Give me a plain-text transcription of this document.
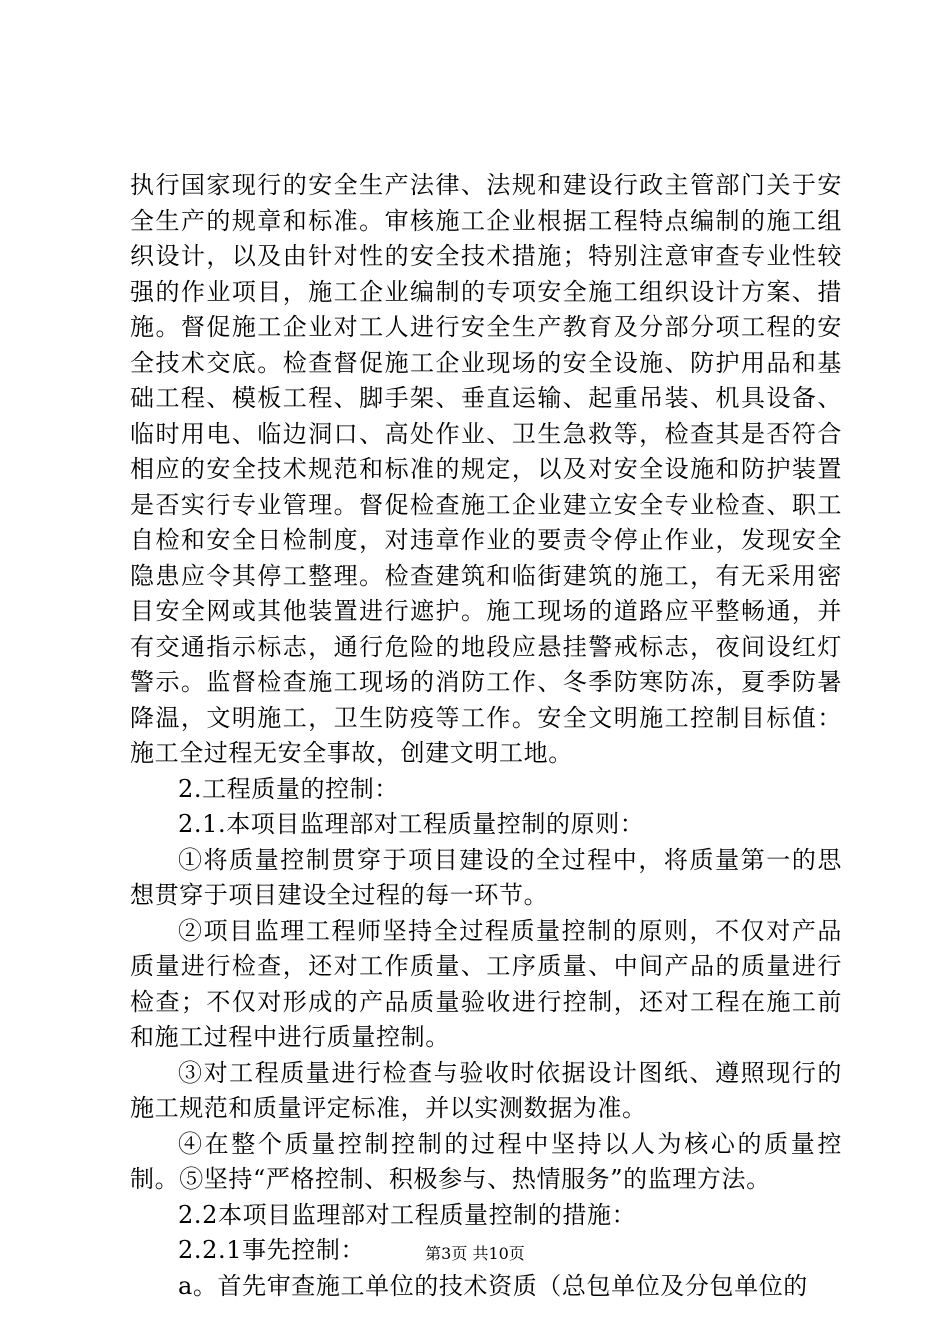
执行国家现行的安全生产法律、法规和建设行政主管部门关于安全生产的规章和标准。审核施工企业根据工程特点编制的施工组织设计，以及由针对性的安全技术措施；特别注意审查专业性较强的作业项目，施工企业编制的专项安全施工组织设计方案、措施。督促施工企业对工人进行安全生产教育及分部分项工程的安全技术交底。检查督促施工企业现场的安全设施、防护用品和基础工程、模板工程、脚手架、垂直运输、起重吊装、机具设备、临时用电、临边洞口、高处作业、卫生急救等，检查其是否符合相应的安全技术规范和标准的规定，以及对安全设施和防护装置是否实行专业管理。督促检查施工企业建立安全专业检查、职工自检和安全日检制度，对违章作业的要责令停止作业，发现安全隐患应令其停工整理。检查建筑和临街建筑的施工，有无采用密目安全网或其他装置进行遮护。施工现场的道路应平整畅通，并有交通指示标志，通行危险的地段应悬挂警戒标志，夜间设红灯警示。监督检查施工现场的消防工作、冬季防寒防冻，夏季防暑降温，文明施工，卫生防疫等工作。安全文明施工控制目标值：施工全过程无安全事故，创建文明工地。

2.工程质量的控制：

2.1.本项目监理部对工程质量控制的原则：

①将质量控制贯穿于项目建设的全过程中，将质量第一的思想贯穿于项目建设全过程的每一环节。

②项目监理工程师坚持全过程质量控制的原则，不仅对产品质量进行检查，还对工作质量、工序质量、中间产品的质量进行检查；不仅对形成的产品质量验收进行控制，还对工程在施工前和施工过程中进行质量控制。

③对工程质量进行检查与验收时依据设计图纸、遵照现行的施工规范和质量评定标准，并以实测数据为准。

④在整个质量控制控制的过程中坚持以人为核心的质量控制。⑤坚持“严格控制、积极参与、热情服务”的监理方法。

2.2本项目监理部对工程质量控制的措施：

2.2.1事先控制：

a。首先审查施工单位的技术资质（总包单位及分包单位的

第3页 共10页
